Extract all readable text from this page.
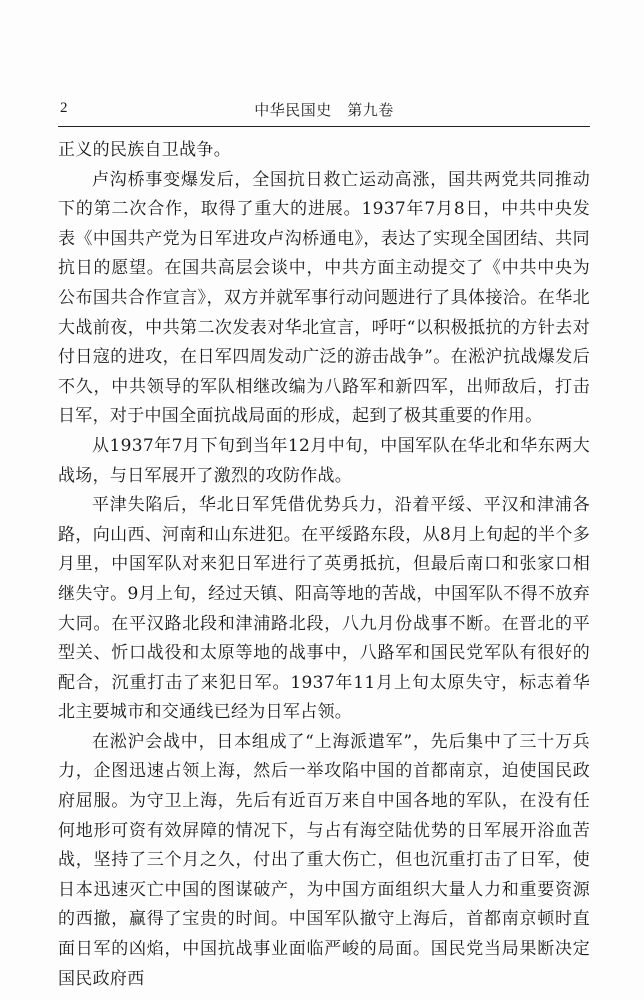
2	中华民国史　第九卷

正义的民族自卫战争。

卢沟桥事变爆发后，全国抗日救亡运动高涨，国共两党共同推动下的第二次合作，取得了重大的进展。1937年7月8日，中共中央发表《中国共产党为日军进攻卢沟桥通电》，表达了实现全国团结、共同抗日的愿望。在国共高层会谈中，中共方面主动提交了《中共中央为公布国共合作宣言》，双方并就军事行动问题进行了具体接洽。在华北大战前夜，中共第二次发表对华北宣言，呼吁“以积极抵抗的方针去对付日寇的进攻，在日军四周发动广泛的游击战争”。在淞沪抗战爆发后不久，中共领导的军队相继改编为八路军和新四军，出师敌后，打击日军，对于中国全面抗战局面的形成，起到了极其重要的作用。

从1937年7月下旬到当年12月中旬，中国军队在华北和华东两大战场，与日军展开了激烈的攻防作战。

平津失陷后，华北日军凭借优势兵力，沿着平绥、平汉和津浦各路，向山西、河南和山东进犯。在平绥路东段，从8月上旬起的半个多月里，中国军队对来犯日军进行了英勇抵抗，但最后南口和张家口相继失守。9月上旬，经过天镇、阳高等地的苦战，中国军队不得不放弃大同。在平汉路北段和津浦路北段，八九月份战事不断。在晋北的平型关、忻口战役和太原等地的战事中，八路军和国民党军队有很好的配合，沉重打击了来犯日军。1937年11月上旬太原失守，标志着华北主要城市和交通线已经为日军占领。

在淞沪会战中，日本组成了“上海派遣军”，先后集中了三十万兵力，企图迅速占领上海，然后一举攻陷中国的首都南京，迫使国民政府屈服。为守卫上海，先后有近百万来自中国各地的军队，在没有任何地形可资有效屏障的情况下，与占有海空陆优势的日军展开浴血苦战，坚持了三个月之久，付出了重大伤亡，但也沉重打击了日军，使日本迅速灭亡中国的图谋破产，为中国方面组织大量人力和重要资源的西撤，赢得了宝贵的时间。中国军队撤守上海后，首都南京顿时直面日军的凶焰，中国抗战事业面临严峻的局面。国民党当局果断决定国民政府西
